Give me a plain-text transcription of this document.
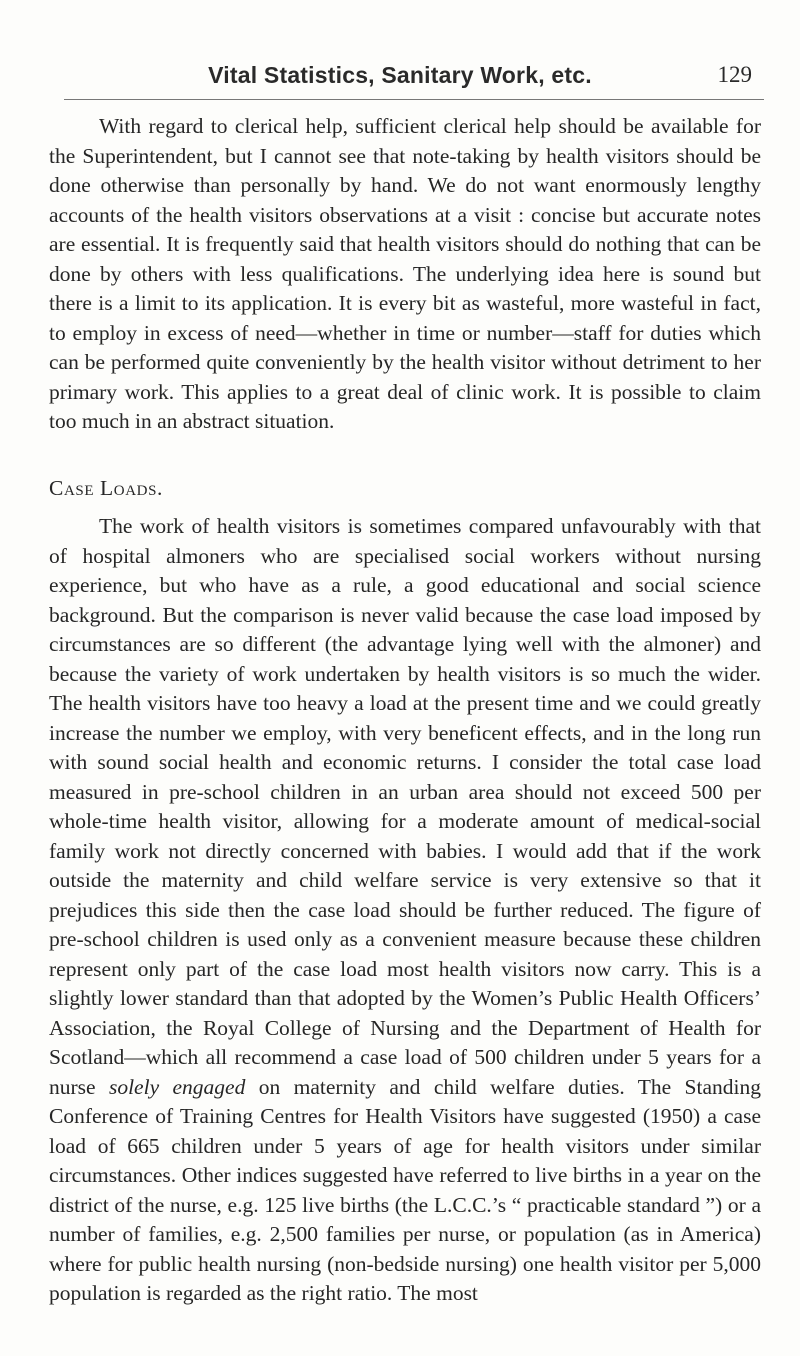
Vital Statistics, Sanitary Work, etc.	129

With regard to clerical help, sufficient clerical help should be available for the Superintendent, but I cannot see that note-taking by health visitors should be done otherwise than personally by hand. We do not want enormously lengthy accounts of the health visitors observations at a visit : concise but accurate notes are essential. It is frequently said that health visitors should do nothing that can be done by others with less qualifications. The underlying idea here is sound but there is a limit to its application. It is every bit as wasteful, more wasteful in fact, to employ in excess of need—whether in time or number—staff for duties which can be performed quite conveniently by the health visitor without detriment to her primary work. This applies to a great deal of clinic work. It is possible to claim too much in an abstract situation.

Case Loads.

The work of health visitors is sometimes compared unfavourably with that of hospital almoners who are specialised social workers without nursing experience, but who have as a rule, a good educational and social science background. But the comparison is never valid because the case load imposed by circumstances are so different (the advantage lying well with the almoner) and because the variety of work undertaken by health visitors is so much the wider. The health visitors have too heavy a load at the present time and we could greatly increase the number we employ, with very beneficent effects, and in the long run with sound social health and economic returns. I consider the total case load measured in pre-school children in an urban area should not exceed 500 per whole-time health visitor, allowing for a moderate amount of medical-social family work not directly concerned with babies. I would add that if the work outside the maternity and child welfare service is very extensive so that it prejudices this side then the case load should be further reduced. The figure of pre-school children is used only as a convenient measure because these children represent only part of the case load most health visitors now carry. This is a slightly lower standard than that adopted by the Women’s Public Health Officers’ Association, the Royal College of Nursing and the Department of Health for Scotland—which all recommend a case load of 500 children under 5 years for a nurse solely engaged on maternity and child welfare duties. The Standing Conference of Training Centres for Health Visitors have suggested (1950) a case load of 665 children under 5 years of age for health visitors under similar circumstances. Other indices suggested have referred to live births in a year on the district of the nurse, e.g. 125 live births (the L.C.C.’s “ practicable standard ”) or a number of families, e.g. 2,500 families per nurse, or population (as in America) where for public health nursing (non-bedside nursing) one health visitor per 5,000 population is regarded as the right ratio. The most
